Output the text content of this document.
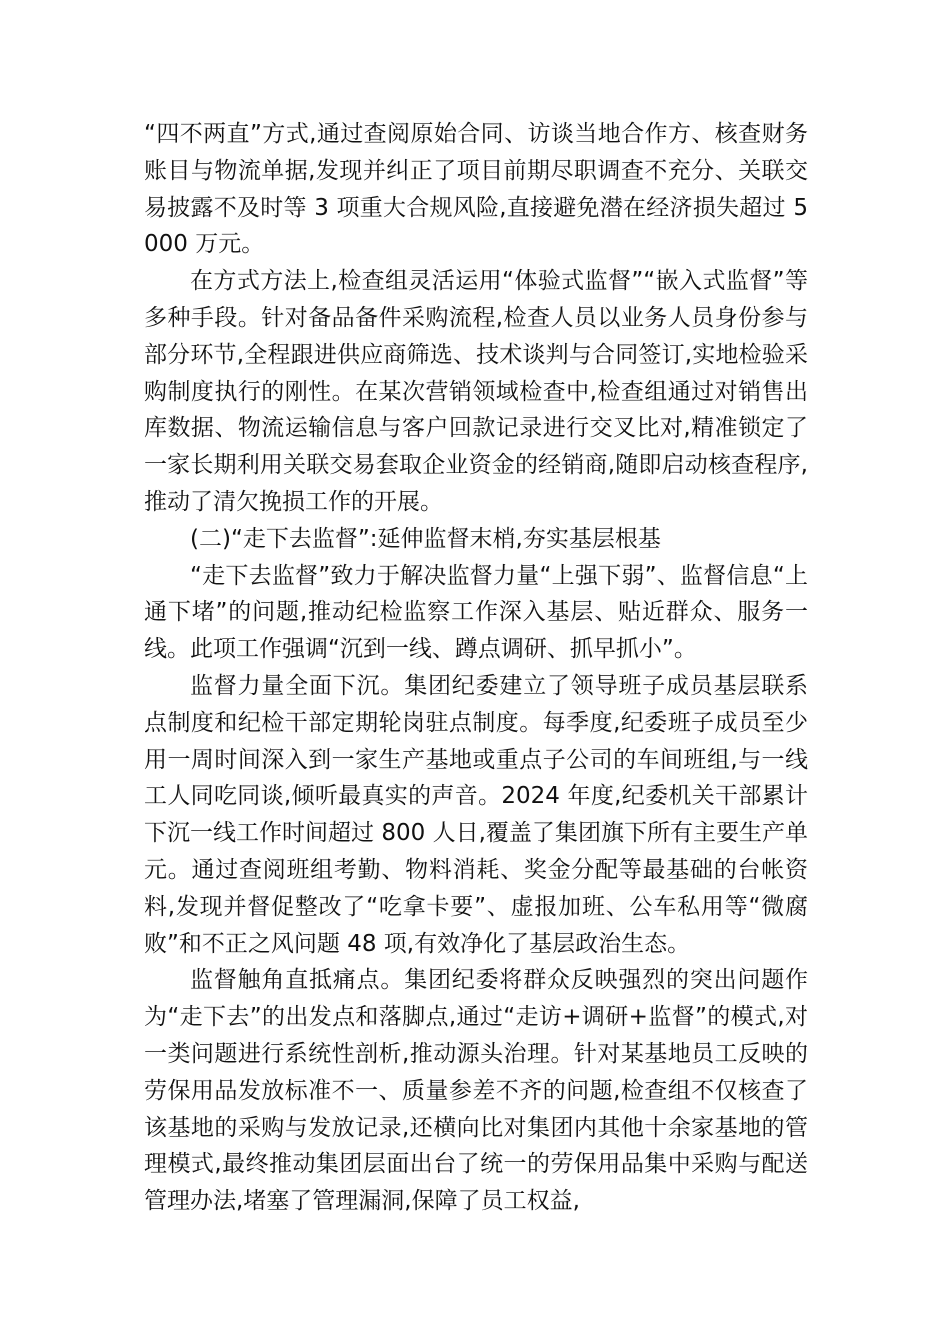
“四不两直”方式,通过查阅原始合同、访谈当地合作方、核查财务账目与物流单据,发现并纠正了项目前期尽职调查不充分、关联交易披露不及时等 3 项重大合规风险,直接避免潜在经济损失超过 5000 万元。

在方式方法上,检查组灵活运用“体验式监督”“嵌入式监督”等多种手段。针对备品备件采购流程,检查人员以业务人员身份参与部分环节,全程跟进供应商筛选、技术谈判与合同签订,实地检验采购制度执行的刚性。在某次营销领域检查中,检查组通过对销售出库数据、物流运输信息与客户回款记录进行交叉比对,精准锁定了一家长期利用关联交易套取企业资金的经销商,随即启动核查程序,推动了清欠挽损工作的开展。

(二)“走下去监督”:延伸监督末梢,夯实基层根基

“走下去监督”致力于解决监督力量“上强下弱”、监督信息“上通下堵”的问题,推动纪检监察工作深入基层、贴近群众、服务一线。此项工作强调“沉到一线、蹲点调研、抓早抓小”。

监督力量全面下沉。集团纪委建立了领导班子成员基层联系点制度和纪检干部定期轮岗驻点制度。每季度,纪委班子成员至少用一周时间深入到一家生产基地或重点子公司的车间班组,与一线工人同吃同谈,倾听最真实的声音。2024 年度,纪委机关干部累计下沉一线工作时间超过 800 人日,覆盖了集团旗下所有主要生产单元。通过查阅班组考勤、物料消耗、奖金分配等最基础的台帐资料,发现并督促整改了“吃拿卡要”、虚报加班、公车私用等“微腐败”和不正之风问题 48 项,有效净化了基层政治生态。

监督触角直抵痛点。集团纪委将群众反映强烈的突出问题作为“走下去”的出发点和落脚点,通过“走访+调研+监督”的模式,对一类问题进行系统性剖析,推动源头治理。针对某基地员工反映的劳保用品发放标准不一、质量参差不齐的问题,检查组不仅核查了该基地的采购与发放记录,还横向比对集团内其他十余家基地的管理模式,最终推动集团层面出台了统一的劳保用品集中采购与配送管理办法,堵塞了管理漏洞,保障了员工权益,
